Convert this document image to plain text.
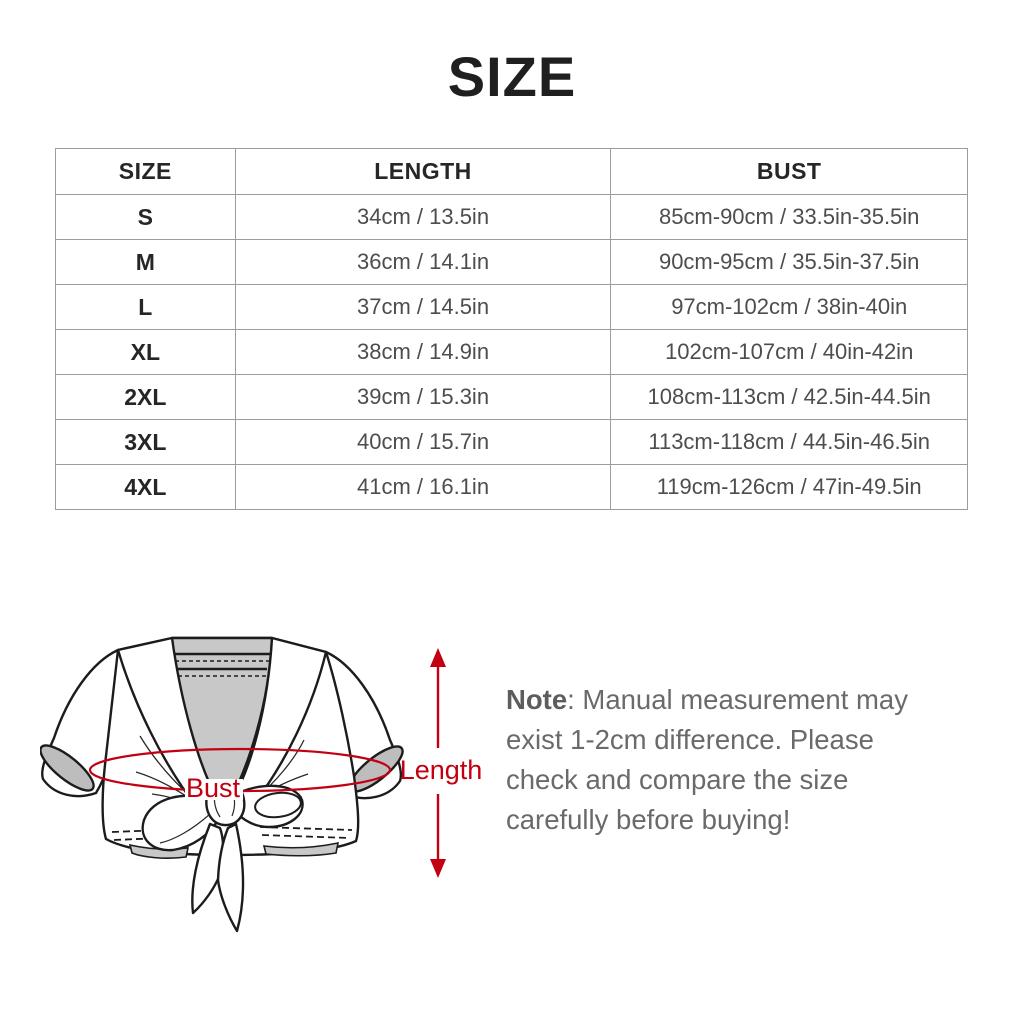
SIZE
SIZE	LENGTH	BUST
S	34cm / 13.5in	85cm-90cm / 33.5in-35.5in
M	36cm / 14.1in	90cm-95cm / 35.5in-37.5in
L	37cm / 14.5in	97cm-102cm / 38in-40in
XL	38cm / 14.9in	102cm-107cm / 40in-42in
2XL	39cm / 15.3in	108cm-113cm / 42.5in-44.5in
3XL	40cm / 15.7in	113cm-118cm / 44.5in-46.5in
4XL	41cm / 16.1in	119cm-126cm / 47in-49.5in
Bust
Length

Note: Manual measurement may exist 1-2cm difference. Please check and compare the size carefully before buying!
